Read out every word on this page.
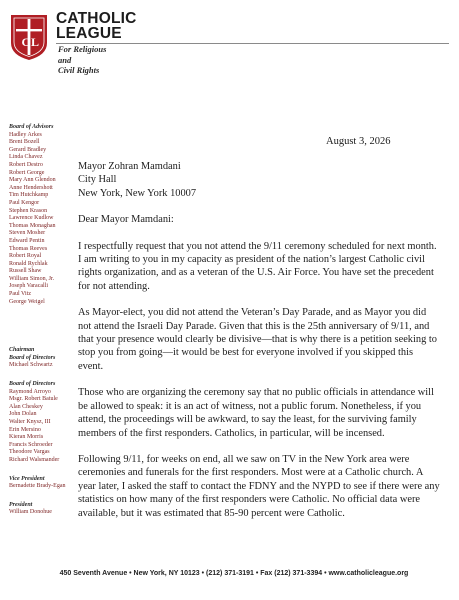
C L
CATHOLIC
LEAGUE
For Religious
and
Civil Rights
August 3, 2026
Board of Advisors
Hadley Arkes
Brent Bozell
Gerard Bradley
Linda Chavez
Robert Destro
Robert George
Mary Ann Glendon
Anne Hendershott
Tim Hutchkamp
Paul Kengor
Stephen Krason
Lawrence Kudlow
Thomas Monaghan
Steven Mosher
Edward Pentin
Thomas Reeves
Robert Royal
Ronald Rychlak
Russell Shaw
William Simon, Jr.
Joseph Varacalli
Paul Vitz
George Weigel
Chairman
Board of Directors
Michael Schwartz
Board of Directors
Raymond Arroyo
Msgr. Robert Batule
Alan Cheskey
John Dolan
Walter Knysz, III
Erin Mersino
Kieran Morris
Francis Schroeder
Theodore Vargas
Richard Walsmander
Vice President
Bernadette Brady-Egan
President
William Donohue

Mayor Zohran Mamdani

City Hall

New York, New York 10007

Dear Mayor Mamdani:

I respectfully request that you not attend the 9/11 ceremony scheduled for next month. I am writing to you in my capacity as president of the nation’s largest Catholic civil rights organization, and as a veteran of the U.S. Air Force. You have set the precedent for not attending.

As Mayor-elect, you did not attend the Veteran’s Day Parade, and as Mayor you did not attend the Israeli Day Parade. Given that this is the 25th anniversary of 9/11, and that your presence would clearly be divisive—that is why there is a petition seeking to stop you from going—it would be best for everyone involved if you skipped this event.

Those who are organizing the ceremony say that no public officials in attendance will be allowed to speak: it is an act of witness, not a public forum. Nonetheless, if you attend, the proceedings will be awkward, to say the least, for the surviving family members of the first responders. Catholics, in particular, will be incensed.

Following 9/11, for weeks on end, all we saw on TV in the New York area were ceremonies and funerals for the first responders. Most were at a Catholic church. A year later, I asked the staff to contact the FDNY and the NYPD to see if there were any statistics on how many of the first responders were Catholic. No official data were available, but it was estimated that 85-90 percent were Catholic.

450 Seventh Avenue • New York, NY 10123 • (212) 371-3191 • Fax (212) 371-3394 • www.catholicleague.org
